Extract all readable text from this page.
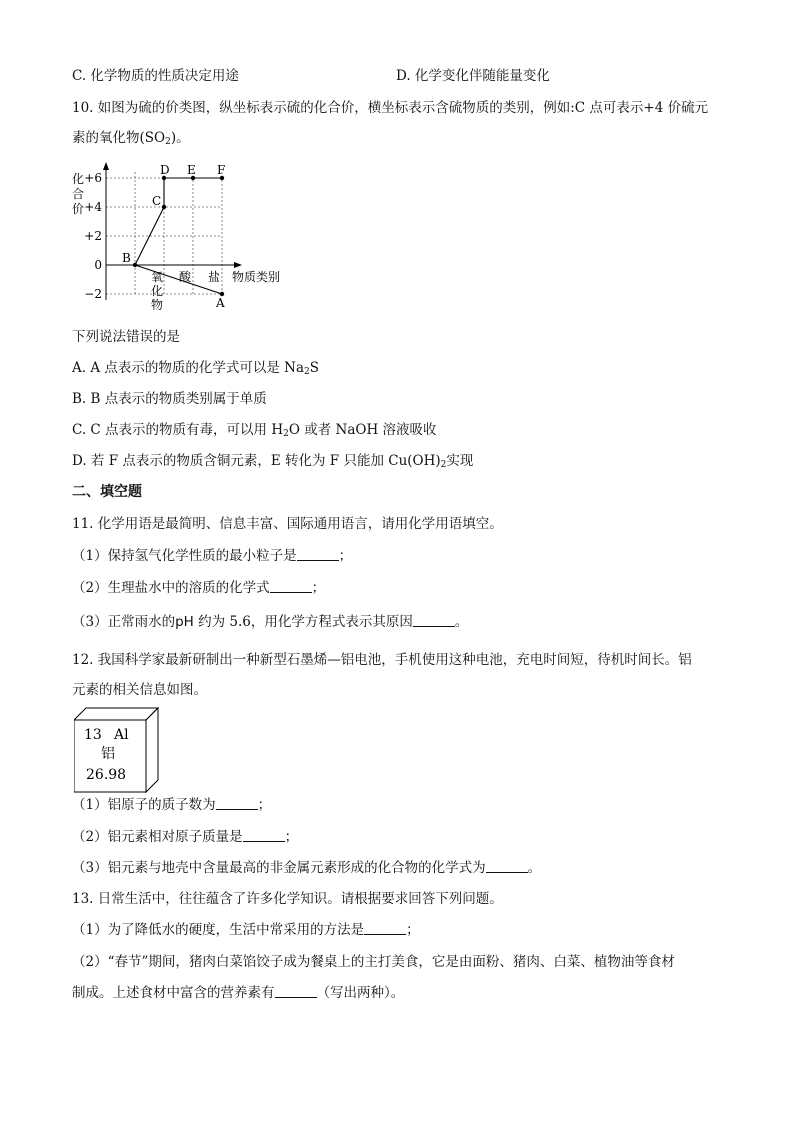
C. 化学物质的性质决定用途	D. 化学变化伴随能量变化
10. 如图为硫的价类图，纵坐标表示硫的化合价，横坐标表示含硫物质的类别，例如:C 点可表示+4 价硫元
素的氧化物$(SO_2)$。
化
合
价
+6
+4
+2
0
−2
氧
化
物
酸 盐 物质类别
D E F
C
B
A
下列说法错误的是
A. A 点表示的物质的化学式可以是 $Na_2S$
B. B 点表示的物质类别属于单质
C. C 点表示的物质有毒，可以用 $H_2O$ 或者 NaOH 溶液吸收
D. 若 F 点表示的物质含铜元素，E 转化为 F 只能加 $Cu(OH)_2$实现
二、填空题
11. 化学用语是最简明、信息丰富、国际通用语言，请用化学用语填空。
（1）保持氢气化学性质的最小粒子是	；
（2）生理盐水中的溶质的化学式	；
（3）正常雨水的pH 约为 5.6，用化学方程式表示其原因	。
12. 我国科学家最新研制出一种新型石墨烯—铝电池，手机使用这种电池，充电时间短，待机时间长。铝
元素的相关信息如图。
13 Al
铝
26.98
（1）铝原子的质子数为	；
（2）铝元素相对原子质量是	；
（3）铝元素与地壳中含量最高的非金属元素形成的化合物的化学式为	。
13. 日常生活中，往往蕴含了许多化学知识。请根据要求回答下列问题。
（1）为了降低水的硬度，生活中常采用的方法是	；
（2）“春节”期间，猪肉白菜馅饺子成为餐桌上的主打美食，它是由面粉、猪肉、白菜、植物油等食材
制成。上述食材中富含的营养素有	（写出两种）。
